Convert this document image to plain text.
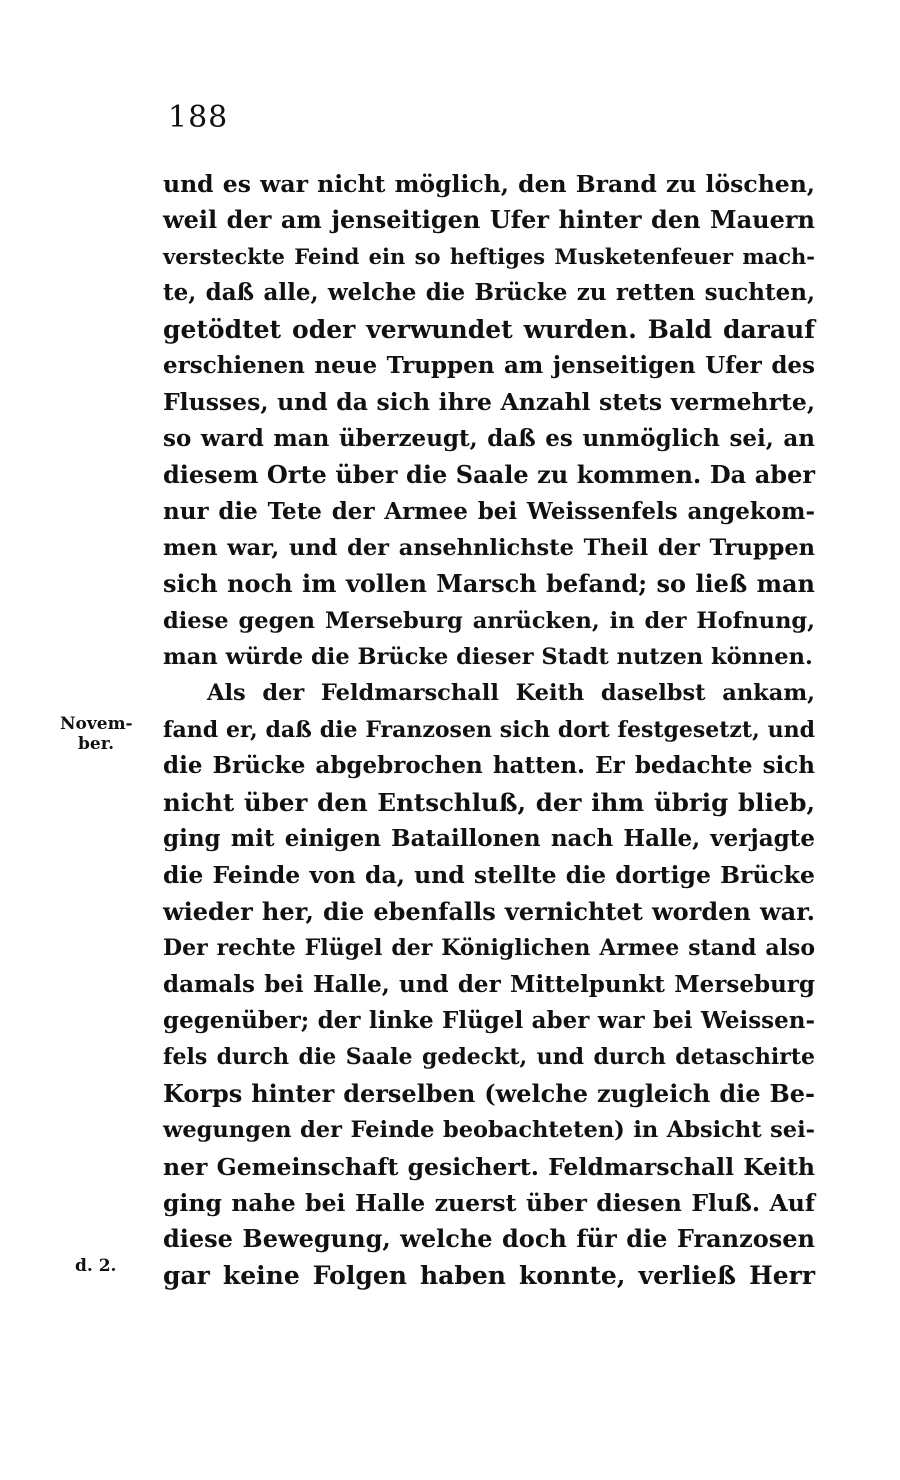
188
Novem-
ber.
d. 2.
und es war nicht möglich, den Brand zu löschen,
weil der am jenseitigen Ufer hinter den Mauern
versteckte Feind ein so heftiges Musketenfeuer mach-
te, daß alle, welche die Brücke zu retten suchten,
getödtet oder verwundet wurden. Bald darauf
erschienen neue Truppen am jenseitigen Ufer des
Flusses, und da sich ihre Anzahl stets vermehrte,
so ward man überzeugt, daß es unmöglich sei, an
diesem Orte über die Saale zu kommen. Da aber
nur die Tete der Armee bei Weissenfels angekom-
men war, und der ansehnlichste Theil der Truppen
sich noch im vollen Marsch befand; so ließ man
diese gegen Merseburg anrücken, in der Hofnung,
man würde die Brücke dieser Stadt nutzen können.
Als der Feldmarschall Keith daselbst ankam,
fand er, daß die Franzosen sich dort festgesetzt, und
die Brücke abgebrochen hatten. Er bedachte sich
nicht über den Entschluß, der ihm übrig blieb,
ging mit einigen Bataillonen nach Halle, verjagte
die Feinde von da, und stellte die dortige Brücke
wieder her, die ebenfalls vernichtet worden war.
Der rechte Flügel der Königlichen Armee stand also
damals bei Halle, und der Mittelpunkt Merseburg
gegenüber; der linke Flügel aber war bei Weissen-
fels durch die Saale gedeckt, und durch detaschirte
Korps hinter derselben (welche zugleich die Be-
wegungen der Feinde beobachteten) in Absicht sei-
ner Gemeinschaft gesichert. Feldmarschall Keith
ging nahe bei Halle zuerst über diesen Fluß. Auf
diese Bewegung, welche doch für die Franzosen
gar keine Folgen haben konnte, verließ Herr
